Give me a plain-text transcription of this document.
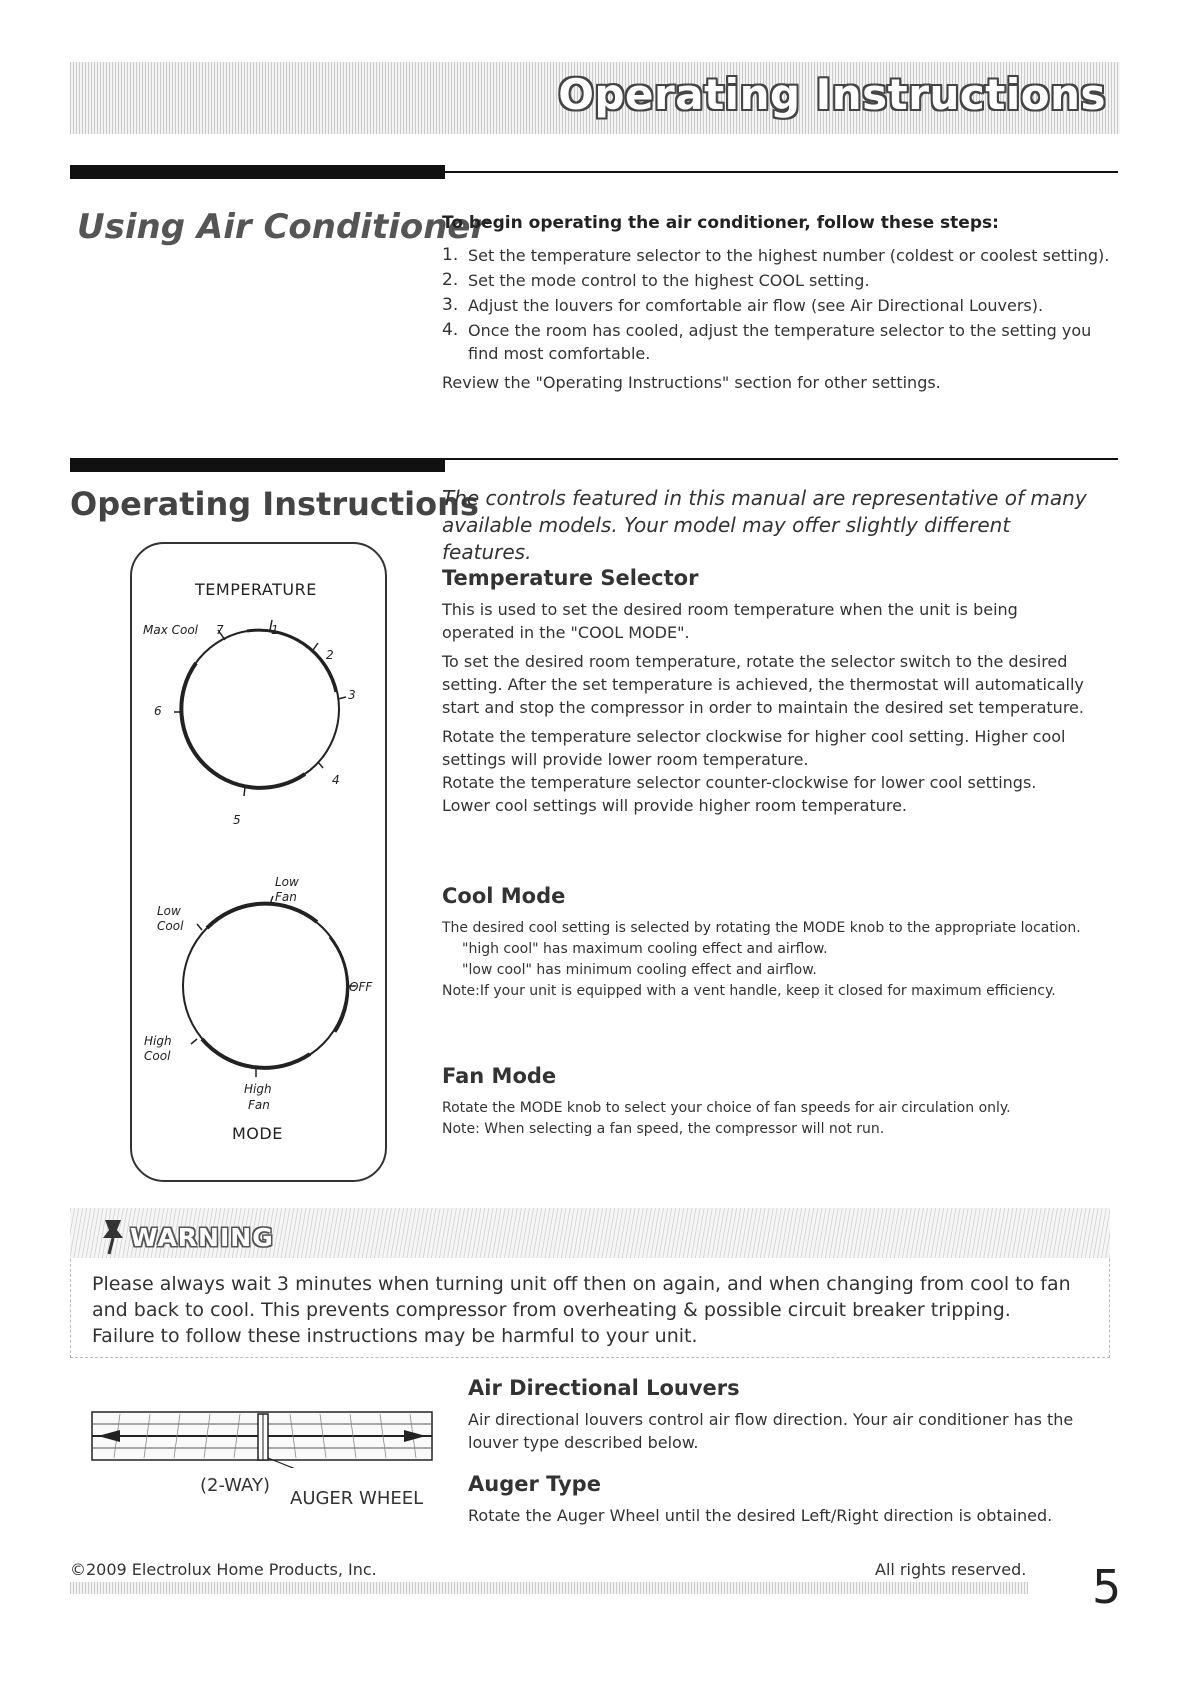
Operating Instructions
Using Air Conditioner
To begin operating the air conditioner, follow these steps:
1. Set the temperature selector to the highest number (coldest or coolest setting).
2. Set the mode control to the highest COOL setting.
3. Adjust the louvers for comfortable air flow (see Air Directional Louvers).
4. Once the room has cooled, adjust the temperature selector to the setting you find most comfortable.
Review the "Operating Instructions" section for other settings.
Operating Instructions
The controls featured in this manual are representative of many available models. Your model may offer slightly different features.
TEMPERATURE
Max Cool 7	1
2
3
6
4
5
Low
Fan
Low
Cool
OFF
High
Cool
High
Fan
MODE
Temperature Selector
This is used to set the desired room temperature when the unit is being operated in the "COOL MODE".
To set the desired room temperature, rotate the selector switch to the desired setting. After the set temperature is achieved, the thermostat will automatically start and stop the compressor in order to maintain the desired set temperature.
Rotate the temperature selector clockwise for higher cool setting. Higher cool settings will provide lower room temperature.
Rotate the temperature selector counter-clockwise for lower cool settings.
Lower cool settings will provide higher room temperature.
Cool Mode
The desired cool setting is selected by rotating the MODE knob to the appropriate location.
"high cool" has maximum cooling effect and airflow.
"low cool" has minimum cooling effect and airflow.
Note:If your unit is equipped with a vent handle, keep it closed for maximum efficiency.
Fan Mode
Rotate the MODE knob to select your choice of fan speeds for air circulation only.
Note: When selecting a fan speed, the compressor will not run.
WARNING
Please always wait 3 minutes when turning unit off then on again, and when changing from cool to fan and back to cool. This prevents compressor from overheating & possible circuit breaker tripping.
Failure to follow these instructions may be harmful to your unit.
(2-WAY)
AUGER WHEEL
Air Directional Louvers
Air directional louvers control air flow direction. Your air conditioner has the louver type described below.
Auger Type
Rotate the Auger Wheel until the desired Left/Right direction is obtained.
©2009 Electrolux Home Products, Inc.	All rights reserved. 5
